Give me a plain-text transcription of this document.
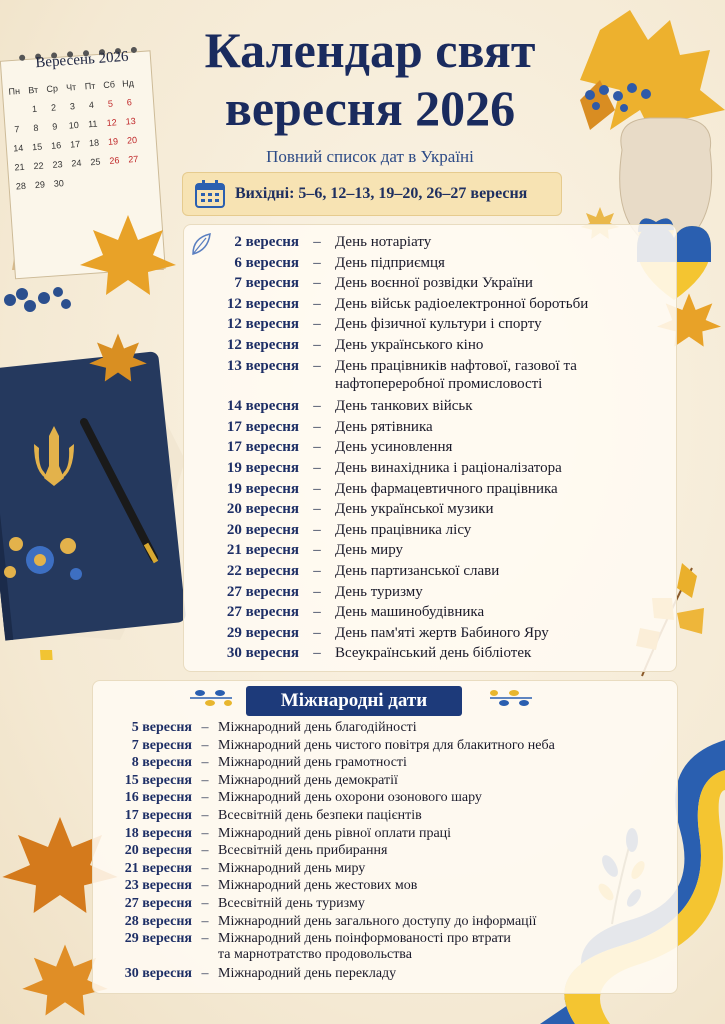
Вересень 2026
Пн Вт Ср Чт Пт Сб Нд
1 2 3 4 5 6
7 8 9 10 11 12 13
14 15 16 17 18 19 20
21 22 23 24 25 26 27
28 29 30
Календар свят
вересня 2026
Повний список дат в Україні
Вихідні: 5–6, 12–13, 19–20, 26–27 вересня
2 вересня – День нотаріату
6 вересня – День підприємця
7 вересня – День воєнної розвідки України
12 вересня – День військ радіоелектронної боротьби
12 вересня – День фізичної культури і спорту
12 вересня – День українського кіно
13 вересня – День працівників нафтової, газової та
нафтопереробної промисловості
14 вересня – День танкових військ
17 вересня – День рятівника
17 вересня – День усиновлення
19 вересня – День винахідника і раціоналізатора
19 вересня – День фармацевтичного працівника
20 вересня – День української музики
20 вересня – День працівника лісу
21 вересня – День миру
22 вересня – День партизанської слави
27 вересня – День туризму
27 вересня – День машинобудівника
29 вересня – День пам'яті жертв Бабиного Яру
30 вересня – Всеукраїнський день бібліотек
Міжнародні дати
5 вересня – Міжнародний день благодійності
7 вересня – Міжнародний день чистого повітря для блакитного неба
8 вересня – Міжнародний день грамотності
15 вересня – Міжнародний день демократії
16 вересня – Міжнародний день охорони озонового шару
17 вересня – Всесвітній день безпеки пацієнтів
18 вересня – Міжнародний день рівної оплати праці
20 вересня – Всесвітній день прибирання
21 вересня – Міжнародний день миру
23 вересня – Міжнародний день жестових мов
27 вересня – Всесвітній день туризму
28 вересня – Міжнародний день загального доступу до інформації
29 вересня – Міжнародний день поінформованості про втрати
та марнотратство продовольства
30 вересня – Міжнародний день перекладу
